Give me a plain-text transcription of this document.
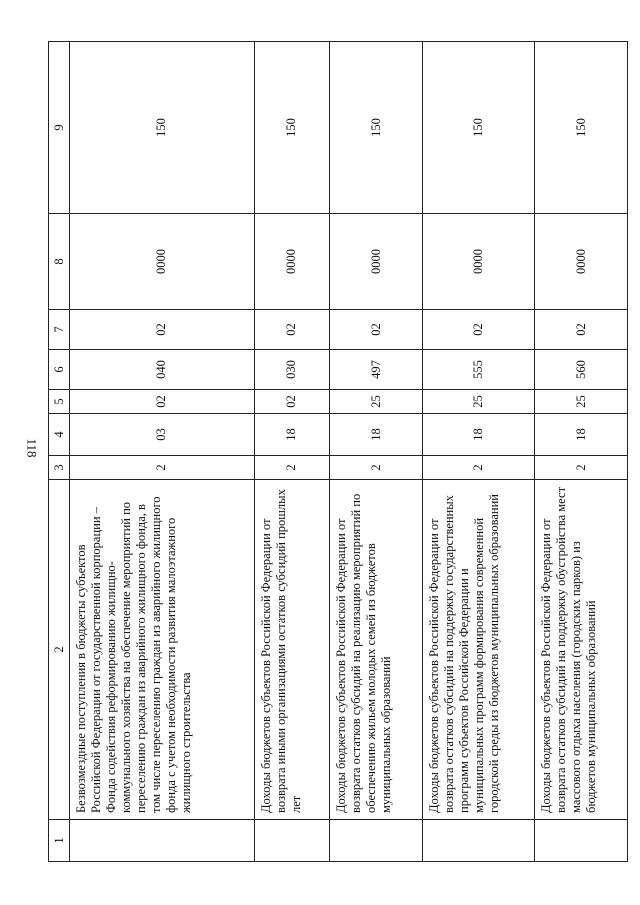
118
1	2	3	4	5	6	7	8	9
	Безвозмездные поступления в бюджеты субъектов Российской Федерации от государственной корпорации – Фонда содействия реформированию жилищно-коммунального хозяйства на обеспечение мероприятий по переселению граждан из аварийного жилищного фонда, в том числе переселению граждан из аварийного жилищного фонда с учетом необходимости развития малоэтажного жилищного строительства	2	03	02	040	02	0000	150
	Доходы бюджетов субъектов Российской Федерации от возврата иными организациями остатков субсидий прошлых лет	2	18	02	030	02	0000	150
	Доходы бюджетов субъектов Российской Федерации от возврата остатков субсидий на реализацию мероприятий по обеспечению жильем молодых семей из бюджетов муниципальных образований	2	18	25	497	02	0000	150
	Доходы бюджетов субъектов Российской Федерации от возврата остатков субсидий на поддержку государственных программ субъектов Российской Федерации и муниципальных программ формирования современной городской среды из бюджетов муниципальных образований	2	18	25	555	02	0000	150
	Доходы бюджетов субъектов Российской Федерации от возврата остатков субсидий на поддержку обустройства мест массового отдыха населения (городских парков) из бюджетов муниципальных образований	2	18	25	560	02	0000	150
